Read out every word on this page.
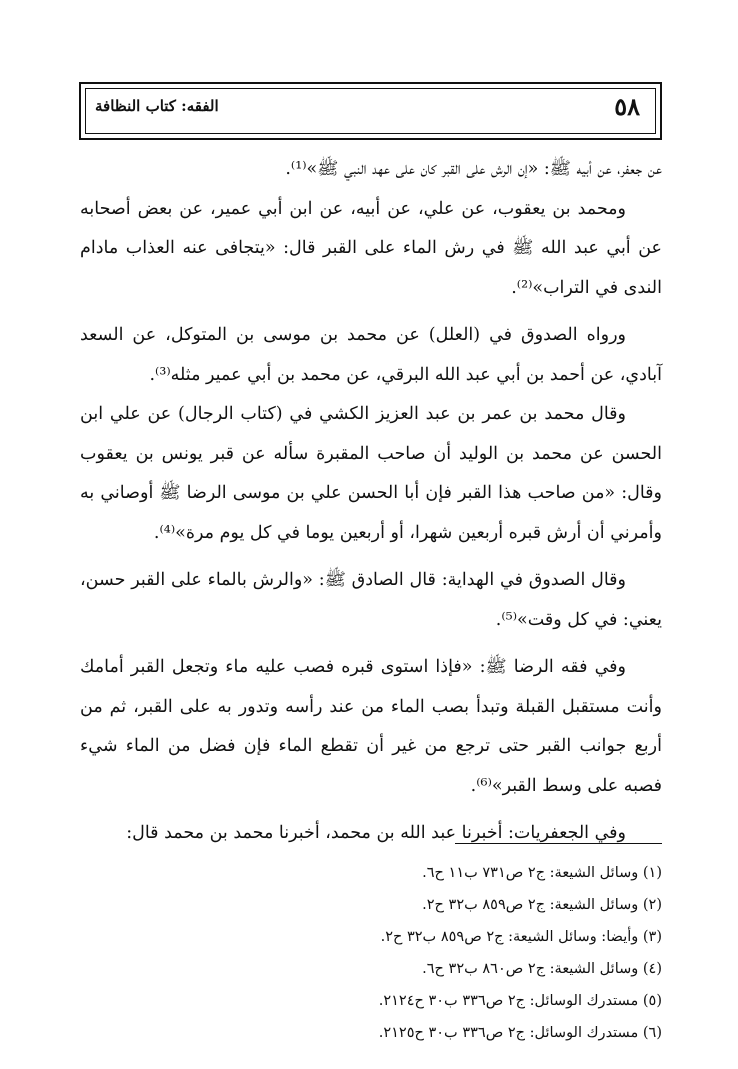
٥٨
الفقه: كتاب النظافة

عن جعفر، عن أبيه ﷺ: «إن الرش على القبر كان على عهد النبي ﷺ»⁽¹⁾.

ومحمد بن يعقوب، عن علي، عن أبيه، عن ابن أبي عمير، عن بعض أصحابه عن أبي عبد الله ﷺ في رش الماء على القبر قال: «يتجافى عنه العذاب مادام الندى في التراب»⁽²⁾.

ورواه الصدوق في (العلل) عن محمد بن موسى بن المتوكل، عن السعد آبادي، عن أحمد بن أبي عبد الله البرقي، عن محمد بن أبي عمير مثله⁽³⁾.

وقال محمد بن عمر بن عبد العزيز الكشي في (كتاب الرجال) عن علي ابن الحسن عن محمد بن الوليد أن صاحب المقبرة سأله عن قبر يونس بن يعقوب وقال: «من صاحب هذا القبر فإن أبا الحسن علي بن موسى الرضا ﷺ أوصاني به وأمرني أن أرش قبره أربعين شهرا، أو أربعين يوما في كل يوم مرة»⁽⁴⁾.

وقال الصدوق في الهداية: قال الصادق ﷺ: «والرش بالماء على القبر حسن، يعني: في كل وقت»⁽⁵⁾.

وفي فقه الرضا ﷺ: «فإذا استوى قبره فصب عليه ماء وتجعل القبر أمامك وأنت مستقبل القبلة وتبدأ بصب الماء من عند رأسه وتدور به على القبر، ثم من أربع جوانب القبر حتى ترجع من غير أن تقطع الماء فإن فضل من الماء شيء فصبه على وسط القبر»⁽⁶⁾.

وفي الجعفريات: أخبرنا عبد الله بن محمد، أخبرنا محمد بن محمد قال:

(١) وسائل الشيعة: ج٢ ص٧٣١ ب١١ ح٦.

(٢) وسائل الشيعة: ج٢ ص٨٥٩ ب٣٢ ح٢.

(٣) وأيضا: وسائل الشيعة: ج٢ ص٨٥٩ ب٣٢ ح٢.

(٤) وسائل الشيعة: ج٢ ص٨٦٠ ب٣٢ ح٦.

(٥) مستدرك الوسائل: ج٢ ص٣٣٦ ب٣٠ ح٢١٢٤.

(٦) مستدرك الوسائل: ج٢ ص٣٣٦ ب٣٠ ح٢١٢٥.
